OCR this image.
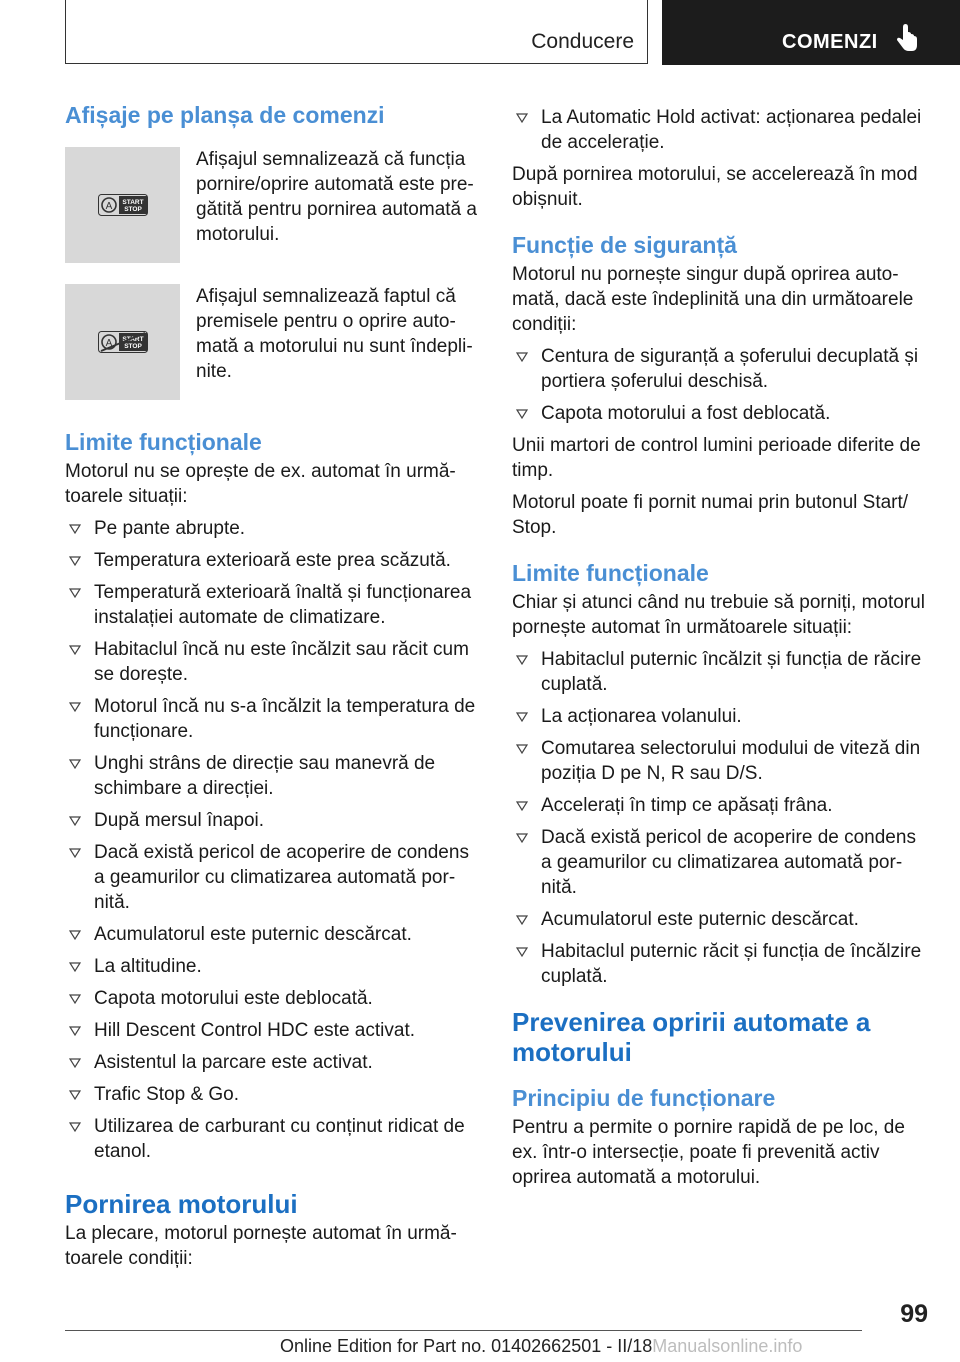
Conducere	COMENZI
Afișaje pe planșa de comenzi
A START
STOP

Afișajul semnalizează că funcția pornire/oprire automată este pre‐ gătită pentru pornirea automată a motorului.

A START
STOP

Afișajul semnalizează faptul că premisele pentru o oprire auto‐ mată a motorului nu sunt îndepli‐ nite.

Limite funcționale

Motorul nu se oprește de ex. automat în urmă‐ toarele situații:

Pe pante abrupte.
Temperatura exterioară este prea scăzută.
Temperatură exterioară înaltă și funcționarea instalației automate de climatizare.
Habitaclul încă nu este încălzit sau răcit cum se dorește.
Motorul încă nu s-a încălzit la temperatura de funcționare.
Unghi strâns de direcție sau manevră de schimbare a direcției.
După mersul înapoi.
Dacă există pericol de acoperire de condens a geamurilor cu climatizarea automată por‐ nită.
Acumulatorul este puternic descărcat.
La altitudine.
Capota motorului este deblocată.
Hill Descent Control HDC este activat.
Asistentul la parcare este activat.
Trafic Stop & Go.
Utilizarea de carburant cu conținut ridicat de etanol.
Pornirea motorului

La plecare, motorul pornește automat în urmă‐ toarele condiții:

La Automatic Hold activat: acționarea pedalei de accelerație.

După pornirea motorului, se accelerează în mod obișnuit.

Funcție de siguranță

Motorul nu pornește singur după oprirea auto‐ mată, dacă este îndeplinită una din următoarele condiții:

Centura de siguranță a șoferului decuplată și portiera șoferului deschisă.
Capota motorului a fost deblocată.

Unii martori de control lumini perioade diferite de timp.

Motorul poate fi pornit numai prin butonul Start/ Stop.

Limite funcționale

Chiar și atunci când nu trebuie să porniți, motorul pornește automat în următoarele situații:

Habitaclul puternic încălzit și funcția de răcire cuplată.
La acționarea volanului.
Comutarea selectorului modului de viteză din poziția D pe N, R sau D/S.
Accelerați în timp ce apăsați frâna.
Dacă există pericol de acoperire de condens a geamurilor cu climatizarea automată por‐ nită.
Acumulatorul este puternic descărcat.
Habitaclul puternic răcit și funcția de încălzire cuplată.
Prevenirea opririi automate a motorului
Principiu de funcționare

Pentru a permite o pornire rapidă de pe loc, de ex. într-o intersecție, poate fi prevenită activ oprirea automată a motorului.

99
Online Edition for Part no. 01402662501 - II/18Manualsonline.info
